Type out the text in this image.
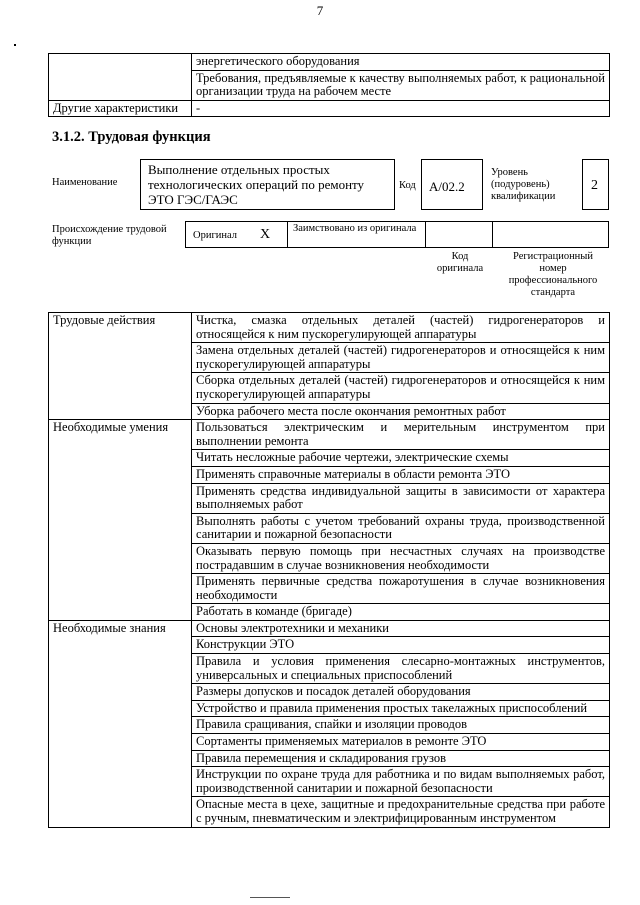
7
	энергетического оборудования
	Требования, предъявляемые к качеству выполняемых работ, к рациональной организации труда на рабочем месте
Другие характеристики	-
3.1.2. Трудовая функция
Наименование
Выполнение отдельных простых технологических операций по ремонту ЭТО ГЭС/ГАЭС
Код A/02.2
Уровень (подуровень) квалификации
2
Происхождение трудовой функции
Оригинал X Заимствовано из оригинала
Код оригинала
Регистрационный номер профессионального стандарта
Трудовые действия	Чистка, смазка отдельных деталей (частей) гидрогенераторов и относящейся к ним пускорегулирующей аппаратуры
	Замена отдельных деталей (частей) гидрогенераторов и относящейся к ним пускорегулирующей аппаратуры
	Сборка отдельных деталей (частей) гидрогенераторов и относящейся к ним пускорегулирующей аппаратуры
	Уборка рабочего места после окончания ремонтных работ
Необходимые умения	Пользоваться электрическим и мерительным инструментом при выполнении ремонта
	Читать несложные рабочие чертежи, электрические схемы
	Применять справочные материалы в области ремонта ЭТО
	Применять средства индивидуальной защиты в зависимости от характера выполняемых работ
	Выполнять работы с учетом требований охраны труда, производственной санитарии и пожарной безопасности
	Оказывать первую помощь при несчастных случаях на производстве пострадавшим в случае возникновения необходимости
	Применять первичные средства пожаротушения в случае возникновения необходимости
	Работать в команде (бригаде)
Необходимые знания	Основы электротехники и механики
	Конструкции ЭТО
	Правила и условия применения слесарно-монтажных инструментов, универсальных и специальных приспособлений
	Размеры допусков и посадок деталей оборудования
	Устройство и правила применения простых такелажных приспособлений
	Правила сращивания, спайки и изоляции проводов
	Сортаменты применяемых материалов в ремонте ЭТО
	Правила перемещения и складирования грузов
	Инструкции по охране труда для работника и по видам выполняемых работ, производственной санитарии и пожарной безопасности
	Опасные места в цехе, защитные и предохранительные средства при работе с ручным, пневматическим и электрифицированным инструментом
